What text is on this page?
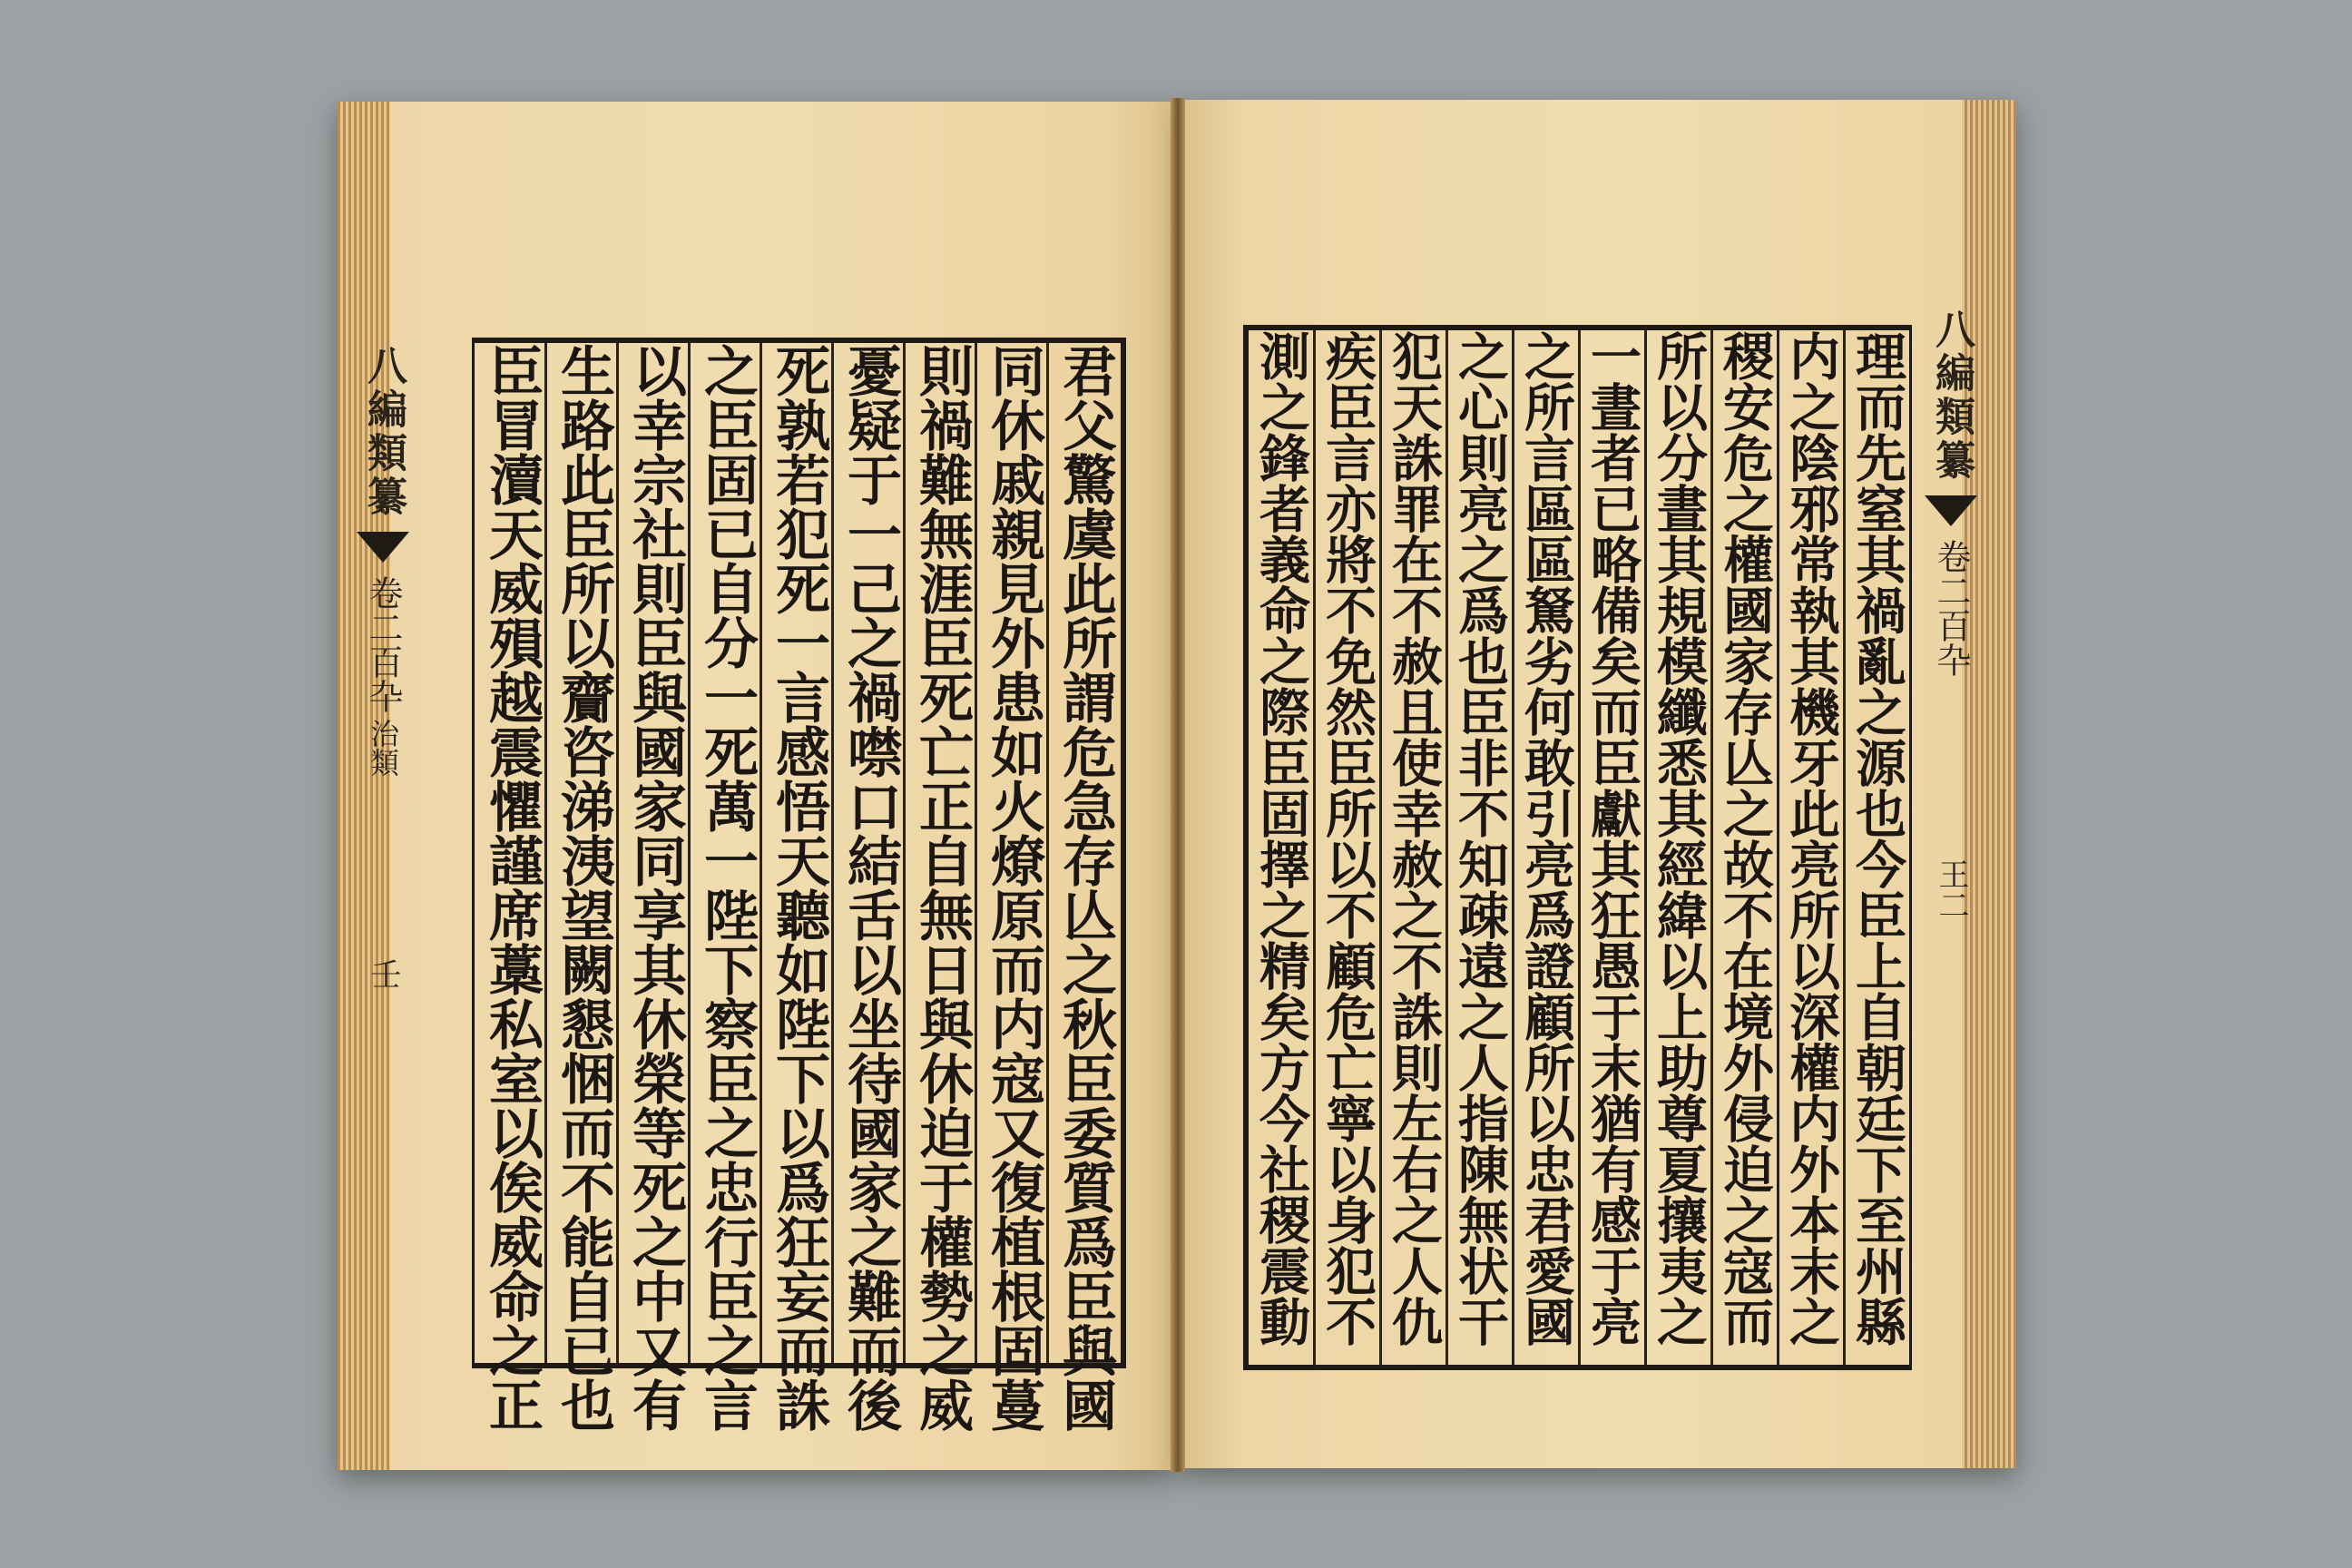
八編類纂
卷二百卆
治類
壬	君父驚虞此所謂危急存亾之秋臣委質爲臣與國
同休戚親見外患如火燎原而内寇又復植根固蔓
則禍難無涯臣死亡正自無日與休迫于權勢之威
憂疑于一己之禍噤口結舌以坐待國家之難而後
死孰若犯死一言感悟天聽如陛下以爲狂妄而誅
之臣固已自分一死萬一陛下察臣之忠行臣之言
以幸宗社則臣與國家同享其休榮等死之中又有
生路此臣所以齎咨涕洟望闕懇悃而不能自已也
臣冒瀆天威殞越震懼謹席藁私室以俟威命之正	理而先窒其禍亂之源也今臣上自朝廷下至州縣
内之陰邪常執其機牙此亮所以深權内外本末之
稷安危之權國家存亾之故不在境外侵迫之寇而
所以分晝其規模纖悉其經緯以上助尊夏攘夷之
一晝者已略備矣而臣獻其狂愚于末猶有感于亮
之所言區區駑劣何敢引亮爲證顧所以忠君愛國
之心則亮之爲也臣非不知疎遠之人指陳無状干
犯天誅罪在不赦且使幸赦之不誅則左右之人仇
疾臣言亦將不免然臣所以不顧危亡寧以身犯不
測之鋒者義命之際臣固擇之精矣方今社稷震動	八編類纂
卷二百卆
王二
